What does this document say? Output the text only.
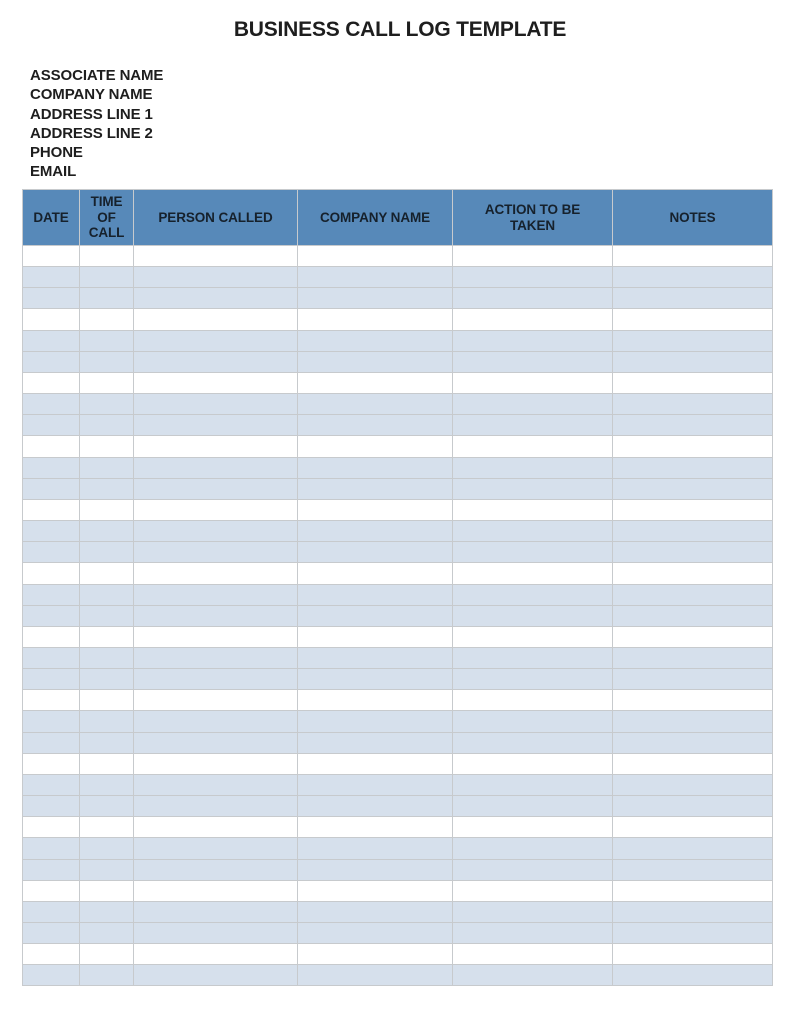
BUSINESS CALL LOG TEMPLATE
ASSOCIATE NAME
COMPANY NAME
ADDRESS LINE 1
ADDRESS LINE 2
PHONE
EMAIL
DATE	TIME OF CALL	PERSON CALLED	COMPANY NAME	ACTION TO BE TAKEN	NOTES
